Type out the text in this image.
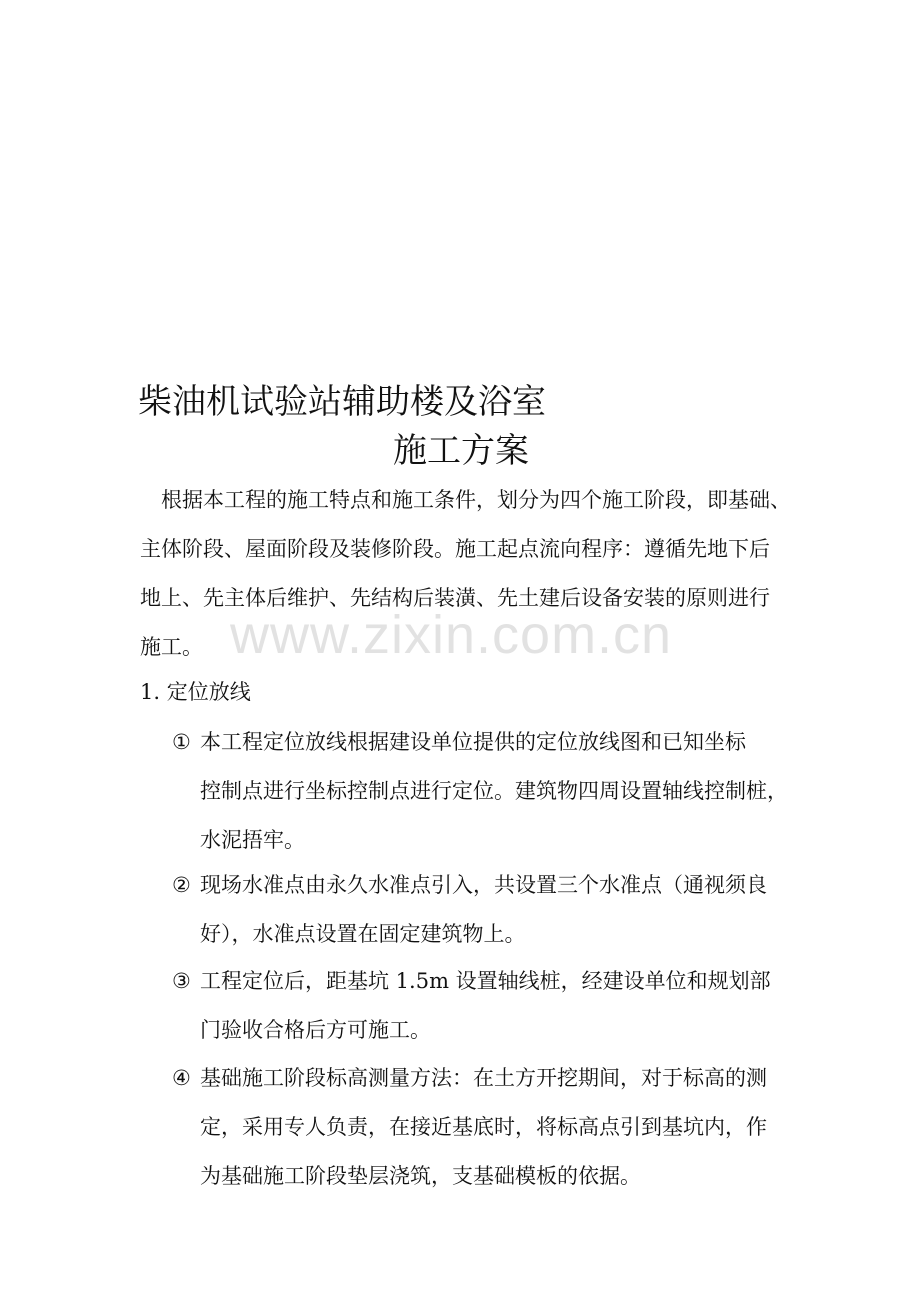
柴油机试验站辅助楼及浴室
施工方案
根据本工程的施工特点和施工条件，划分为四个施工阶段，即基础、
主体阶段、屋面阶段及装修阶段。施工起点流向程序：遵循先地下后
地上、先主体后维护、先结构后装潢、先土建后设备安装的原则进行
施工。
1. 定位放线
① 本工程定位放线根据建设单位提供的定位放线图和已知坐标
控制点进行坐标控制点进行定位。建筑物四周设置轴线控制桩，
水泥捂牢。
② 现场水准点由永久水准点引入，共设置三个水准点（通视须良
好），水准点设置在固定建筑物上。
③ 工程定位后，距基坑 1.5m 设置轴线桩，经建设单位和规划部
门验收合格后方可施工。
④ 基础施工阶段标高测量方法：在土方开挖期间，对于标高的测
定，采用专人负责，在接近基底时，将标高点引到基坑内，作
为基础施工阶段垫层浇筑，支基础模板的依据。
www.zixin.com.cn
